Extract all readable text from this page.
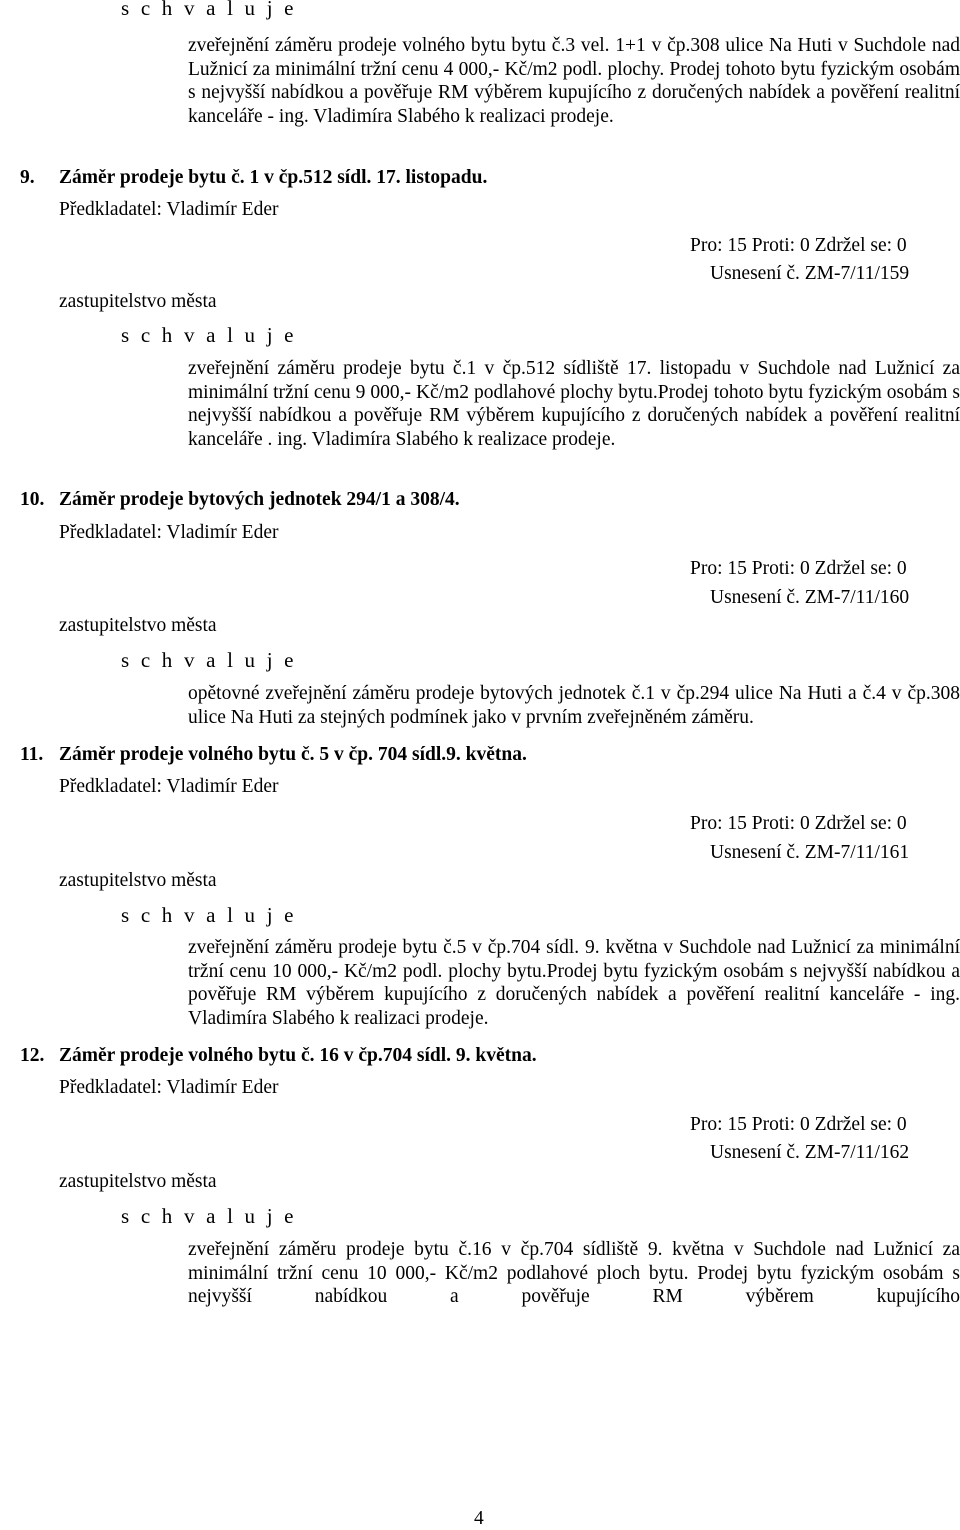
s c h v a l u j e
zveřejnění záměru prodeje volného bytu bytu č.3 vel. 1+1 v čp.308 ulice Na Huti v Suchdole nad Lužnicí za minimální tržní cenu 4 000,- Kč/m2 podl. plochy. Prodej tohoto bytu fyzickým osobám s nejvyšší nabídkou a pověřuje RM výběrem kupujícího z doručených nabídek a pověření realitní kanceláře - ing. Vladimíra Slabého k realizaci prodeje.
9. Záměr prodeje bytu č. 1 v čp.512 sídl. 17. listopadu.
Předkladatel: Vladimír Eder
Pro: 15 Proti: 0 Zdržel se: 0
Usnesení č. ZM-7/11/159
zastupitelstvo města
s c h v a l u j e
zveřejnění záměru prodeje bytu č.1 v čp.512 sídliště 17. listopadu v Suchdole nad Lužnicí za minimální tržní cenu 9 000,- Kč/m2 podlahové plochy bytu.Prodej tohoto bytu fyzickým osobám s nejvyšší nabídkou a pověřuje RM výběrem kupujícího z doručených nabídek a pověření realitní kanceláře . ing. Vladimíra Slabého k realizace prodeje.
10. Záměr prodeje bytových jednotek 294/1 a 308/4.
Předkladatel: Vladimír Eder
Pro: 15 Proti: 0 Zdržel se: 0
Usnesení č. ZM-7/11/160
zastupitelstvo města
s c h v a l u j e
opětovné zveřejnění záměru prodeje bytových jednotek č.1 v čp.294 ulice Na Huti a č.4 v čp.308 ulice Na Huti za stejných podmínek jako v prvním zveřejněném záměru.
11. Záměr prodeje volného bytu č. 5 v čp. 704 sídl.9. května.
Předkladatel: Vladimír Eder
Pro: 15 Proti: 0 Zdržel se: 0
Usnesení č. ZM-7/11/161
zastupitelstvo města
s c h v a l u j e
zveřejnění záměru prodeje bytu č.5 v čp.704 sídl. 9. května v Suchdole nad Lužnicí za minimální tržní cenu 10 000,- Kč/m2 podl. plochy bytu.Prodej bytu fyzickým osobám s nejvyšší nabídkou a pověřuje RM výběrem kupujícího z doručených nabídek a pověření realitní kanceláře - ing. Vladimíra Slabého k realizaci prodeje.
12. Záměr prodeje volného bytu č. 16 v čp.704 sídl. 9. května.
Předkladatel: Vladimír Eder
Pro: 15 Proti: 0 Zdržel se: 0
Usnesení č. ZM-7/11/162
zastupitelstvo města
s c h v a l u j e
zveřejnění záměru prodeje bytu č.16 v čp.704 sídliště 9. května v Suchdole nad Lužnicí za minimální tržní cenu 10 000,- Kč/m2 podlahové ploch bytu. Prodej bytu fyzickým osobám s nejvyšší nabídkou a pověřuje RM výběrem kupujícího
4
